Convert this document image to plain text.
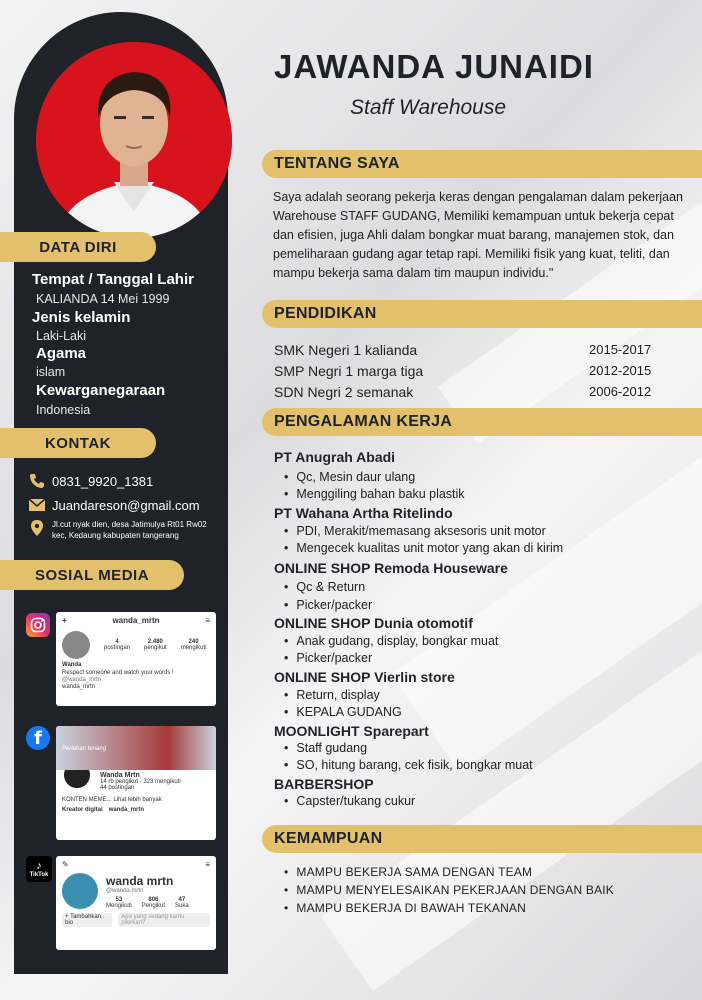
DATA DIRI
Tempat / Tanggal Lahir
KALIANDA 14 Mei 1999
Jenis kelamin
Laki-Laki
Agama
islam
Kewarganegaraan
Indonesia
KONTAK
0831_9920_1381
Juandareson@gmail.com
Jl.cut nyak dien, desa Jatimulya Rt01 Rw02
kec, Kedaung kabupaten tangerang
SOSIAL MEDIA
f
♪
TikTok
+	wanda_mrtn	≡
4
postingan
2.480
pengikut
240
mengikuti
Wanda
Respect someone and watch your words !
@wanda_mrtn
wanda_mrtn
Perlahan tenang
Wanda Mrtn
14 rb pengikut · 323 mengikuti
44 postingan
KONTEN MEME... Lihat lebih banyak
Kreator digital wanda_mrtn
✎	≡
wanda mrtn
@wanda.mrtn
53
Mengikuti
806
Pengikut
47
Suka
+ Tambahkan bio
Apa yang sedang kamu pikirkan?
JAWANDA JUNAIDI
Staff Warehouse
TENTANG SAYA
Saya adalah seorang pekerja keras dengan pengalaman dalam pekerjaan Warehouse STAFF GUDANG, Memiliki kemampuan untuk bekerja cepat dan efisien, juga Ahli dalam bongkar muat barang, manajemen stok, dan pemeliharaan gudang agar tetap rapi. Memiliki fisik yang kuat, teliti, dan mampu bekerja sama dalam tim maupun individu."
PENDIDIKAN
SMK Negeri 1 kalianda	2015-2017
SMP Negri 1 marga tiga	2012-2015
SDN Negri 2 semanak	2006-2012
PENGALAMAN KERJA
PT Anugrah Abadi
• Qc, Mesin daur ulang
• Menggiling bahan baku plastik
PT Wahana Artha Ritelindo
• PDI, Merakit/memasang aksesoris unit motor
• Mengecek kualitas unit motor yang akan di kirim
ONLINE SHOP Remoda Houseware
• Qc & Return
• Picker/packer
ONLINE SHOP Dunia otomotif
• Anak gudang, display, bongkar muat
• Picker/packer
ONLINE SHOP Vierlin store
• Return, display
• KEPALA GUDANG
MOONLIGHT Sparepart
• Staff gudang
• SO, hitung barang, cek fisik, bongkar muat
BARBERSHOP
• Capster/tukang cukur
KEMAMPUAN
• MAMPU BEKERJA SAMA DENGAN TEAM
• MAMPU MENYELESAIKAN PEKERJAAN DENGAN BAIK
• MAMPU BEKERJA DI BAWAH TEKANAN
